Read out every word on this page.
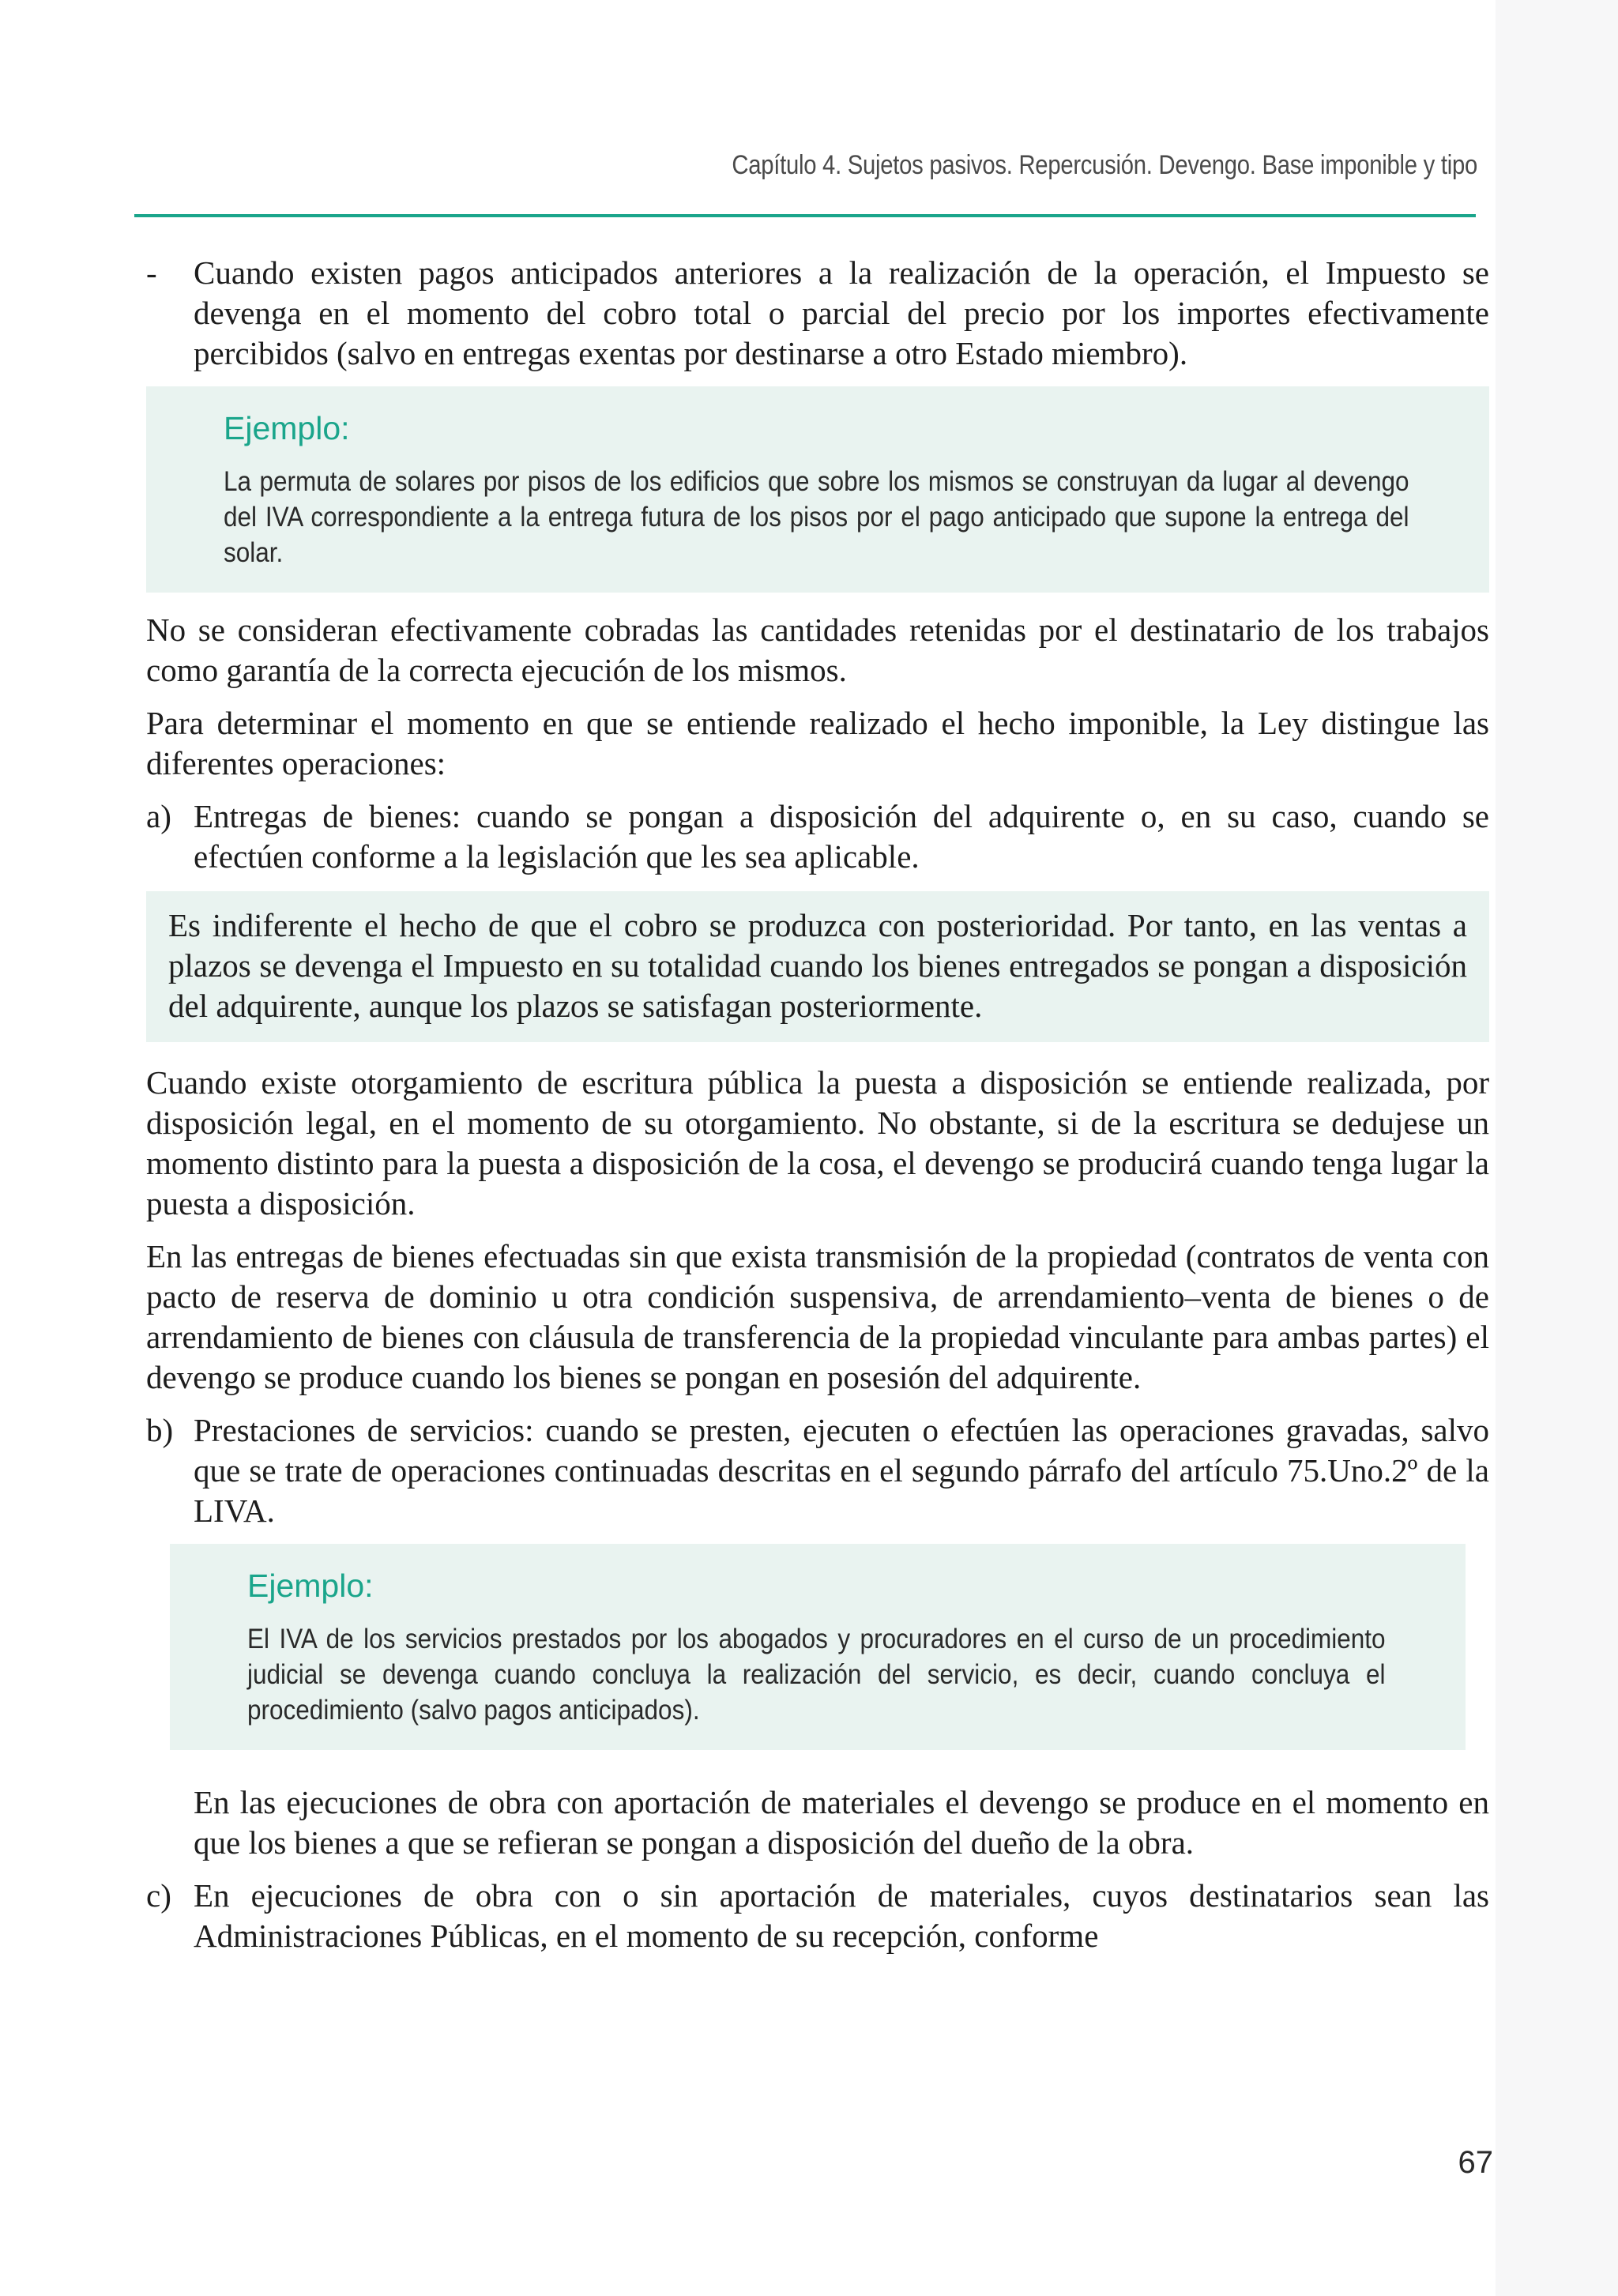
Capítulo 4. Sujetos pasivos. Repercusión. Devengo. Base imponible y tipo
-	Cuando existen pagos anticipados anteriores a la realización de la operación, el Impuesto se devenga en el momento del cobro total o parcial del precio por los importes efectivamente percibidos (salvo en entregas exentas por destinarse a otro Estado miembro).
Ejemplo:
La permuta de solares por pisos de los edificios que sobre los mismos se construyan da lugar al devengo del IVA correspondiente a la entrega futura de los pisos por el pago anticipado que supone la entrega del solar.

No se consideran efectivamente cobradas las cantidades retenidas por el destinatario de los trabajos como garantía de la correcta ejecución de los mismos.

Para determinar el momento en que se entiende realizado el hecho imponible, la Ley distingue las diferentes operaciones:

a) Entregas de bienes: cuando se pongan a disposición del adquirente o, en su caso, cuando se efectúen conforme a la legislación que les sea aplicable.
Es indiferente el hecho de que el cobro se produzca con posterioridad. Por tanto, en las ventas a plazos se devenga el Impuesto en su totalidad cuando los bienes entregados se pongan a disposición del adquirente, aunque los plazos se satisfagan posteriormente.

Cuando existe otorgamiento de escritura pública la puesta a disposición se entiende realizada, por disposición legal, en el momento de su otorgamiento. No obstante, si de la escritura se dedujese un momento distinto para la puesta a disposición de la cosa, el devengo se producirá cuando tenga lugar la puesta a disposición.

En las entregas de bienes efectuadas sin que exista transmisión de la propiedad (contratos de venta con pacto de reserva de dominio u otra condición suspensiva, de arrendamiento–venta de bienes o de arrendamiento de bienes con cláusula de transferencia de la propiedad vinculante para ambas partes) el devengo se produce cuando los bienes se pongan en posesión del adquirente.

b) Prestaciones de servicios: cuando se presten, ejecuten o efectúen las operaciones gravadas, salvo que se trate de operaciones continuadas descritas en el segundo párrafo del artículo 75.Uno.2º de la LIVA.
Ejemplo:
El IVA de los servicios prestados por los abogados y procuradores en el curso de un procedimiento judicial se devenga cuando concluya la realización del servicio, es decir, cuando concluya el procedimiento (salvo pagos anticipados).

En las ejecuciones de obra con aportación de materiales el devengo se produce en el momento en que los bienes a que se refieran se pongan a disposición del dueño de la obra.

c) En ejecuciones de obra con o sin aportación de materiales, cuyos destinatarios sean las Administraciones Públicas, en el momento de su recepción, conforme
67
